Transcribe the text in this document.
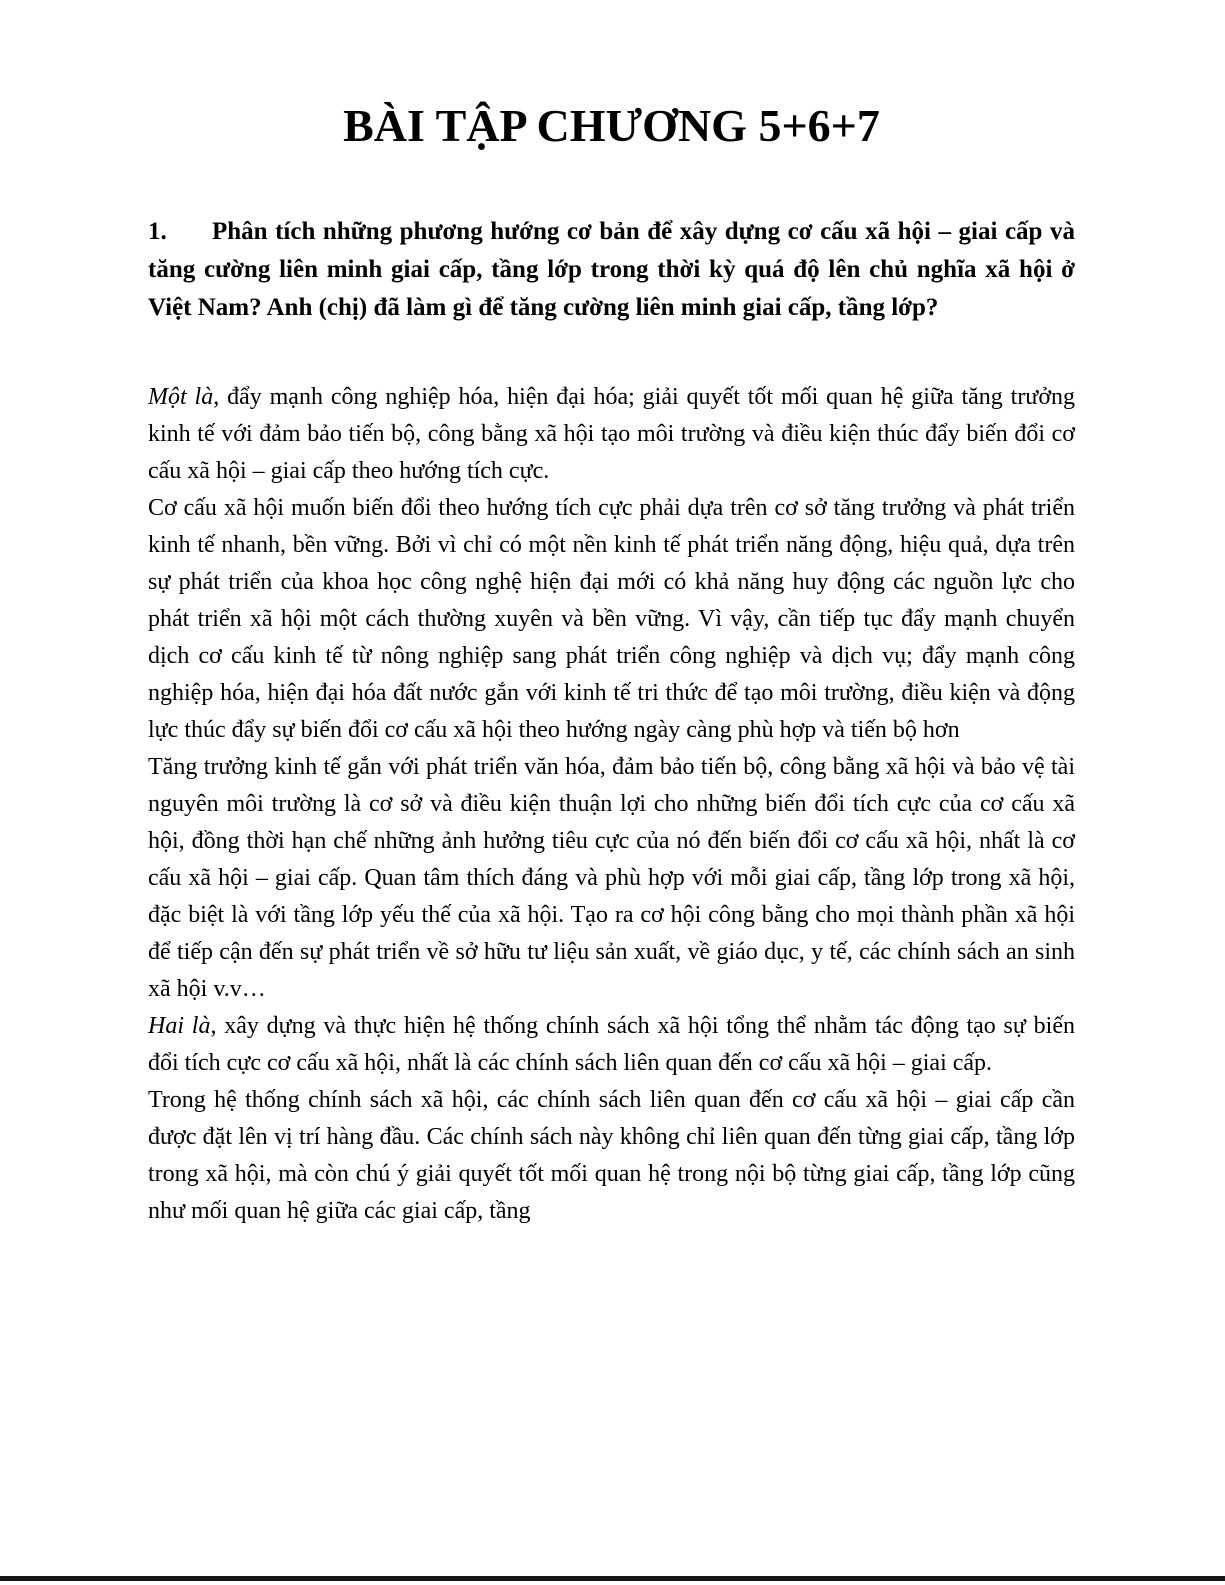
BÀI TẬP CHƯƠNG 5+6+7

1. Phân tích những phương hướng cơ bản để xây dựng cơ cấu xã hội – giai cấp và tăng cường liên minh giai cấp, tầng lớp trong thời kỳ quá độ lên chủ nghĩa xã hội ở Việt Nam? Anh (chị) đã làm gì để tăng cường liên minh giai cấp, tầng lớp?

Một là, đẩy mạnh công nghiệp hóa, hiện đại hóa; giải quyết tốt mối quan hệ giữa tăng trưởng kinh tế với đảm bảo tiến bộ, công bằng xã hội tạo môi trường và điều kiện thúc đẩy biến đổi cơ cấu xã hội – giai cấp theo hướng tích cực.

Cơ cấu xã hội muốn biến đổi theo hướng tích cực phải dựa trên cơ sở tăng trưởng và phát triển kinh tế nhanh, bền vững. Bởi vì chỉ có một nền kinh tế phát triển năng động, hiệu quả, dựa trên sự phát triển của khoa học công nghệ hiện đại mới có khả năng huy động các nguồn lực cho phát triển xã hội một cách thường xuyên và bền vững. Vì vậy, cần tiếp tục đẩy mạnh chuyển dịch cơ cấu kinh tế từ nông nghiệp sang phát triển công nghiệp và dịch vụ; đẩy mạnh công nghiệp hóa, hiện đại hóa đất nước gắn với kinh tế tri thức để tạo môi trường, điều kiện và động lực thúc đẩy sự biến đổi cơ cấu xã hội theo hướng ngày càng phù hợp và tiến bộ hơn

Tăng trưởng kinh tế gắn với phát triển văn hóa, đảm bảo tiến bộ, công bằng xã hội và bảo vệ tài nguyên môi trường là cơ sở và điều kiện thuận lợi cho những biến đổi tích cực của cơ cấu xã hội, đồng thời hạn chế những ảnh hưởng tiêu cực của nó đến biến đổi cơ cấu xã hội, nhất là cơ cấu xã hội – giai cấp. Quan tâm thích đáng và phù hợp với mỗi giai cấp, tầng lớp trong xã hội, đặc biệt là với tầng lớp yếu thế của xã hội. Tạo ra cơ hội công bằng cho mọi thành phần xã hội để tiếp cận đến sự phát triển về sở hữu tư liệu sản xuất, về giáo dục, y tế, các chính sách an sinh xã hội v.v…

Hai là, xây dựng và thực hiện hệ thống chính sách xã hội tổng thể nhằm tác động tạo sự biến đổi tích cực cơ cấu xã hội, nhất là các chính sách liên quan đến cơ cấu xã hội – giai cấp.

Trong hệ thống chính sách xã hội, các chính sách liên quan đến cơ cấu xã hội – giai cấp cần được đặt lên vị trí hàng đầu. Các chính sách này không chỉ liên quan đến từng giai cấp, tầng lớp trong xã hội, mà còn chú ý giải quyết tốt mối quan hệ trong nội bộ từng giai cấp, tầng lớp cũng như mối quan hệ giữa các giai cấp, tầng
